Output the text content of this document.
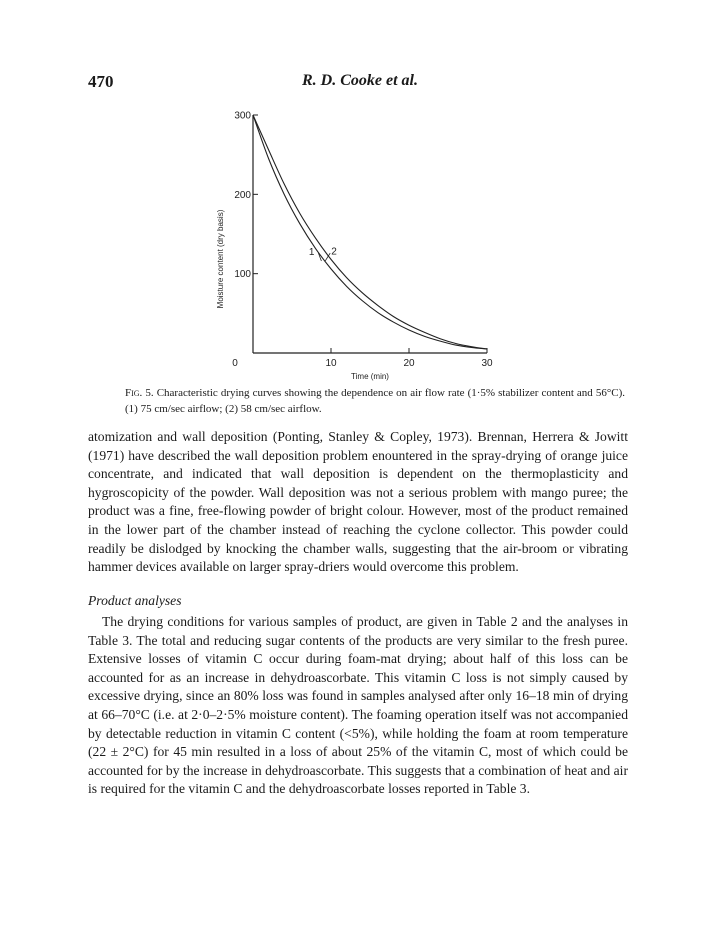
470	R. D. Cooke et al.
100
200
300
0	10	20	30
Time (min)
Moisture content (dry basis)	1 2
Fig. 5. Characteristic drying curves showing the dependence on air flow rate (1·5% stabilizer content and 56°C). (1) 75 cm/sec airflow; (2) 58 cm/sec airflow.

atomization and wall deposition (Ponting, Stanley & Copley, 1973). Brennan, Herrera & Jowitt (1971) have described the wall deposition problem enountered in the spray-drying of orange juice concentrate, and indicated that wall deposition is dependent on the thermoplasticity and hygroscopicity of the powder. Wall deposition was not a serious problem with mango puree; the product was a fine, free-flowing powder of bright colour. However, most of the product remained in the lower part of the chamber instead of reaching the cyclone collector. This powder could readily be dislodged by knocking the chamber walls, suggesting that the air-broom or vibrating hammer devices available on larger spray-driers would overcome this problem.

Product analyses

The drying conditions for various samples of product, are given in Table 2 and the analyses in Table 3. The total and reducing sugar contents of the products are very similar to the fresh puree. Extensive losses of vitamin C occur during foam-mat drying; about half of this loss can be accounted for as an increase in dehydroascorbate. This vitamin C loss is not simply caused by excessive drying, since an 80% loss was found in samples analysed after only 16–18 min of drying at 66–70°C (i.e. at 2·0–2·5% moisture content). The foaming operation itself was not accompanied by detectable reduction in vitamin C content (<5%), while holding the foam at room temperature (22 ± 2°C) for 45 min resulted in a loss of about 25% of the vitamin C, most of which could be accounted for by the increase in dehydroascorbate. This suggests that a combination of heat and air is required for the vitamin C and the dehydroascorbate losses reported in Table 3.
